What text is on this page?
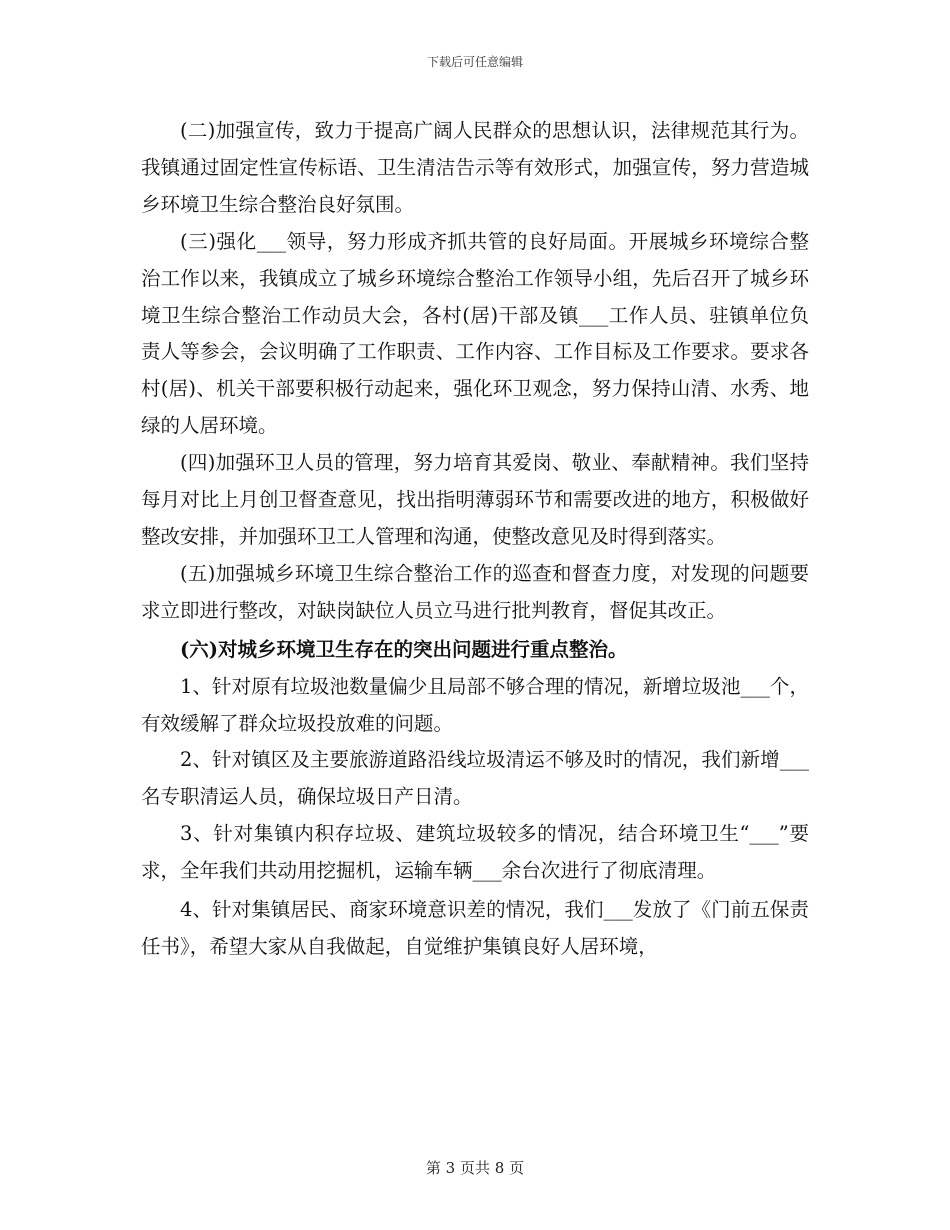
下载后可任意编辑

(二)加强宣传，致力于提高广阔人民群众的思想认识，法律规范其行为。我镇通过固定性宣传标语、卫生清洁告示等有效形式，加强宣传，努力营造城乡环境卫生综合整治良好氛围。

(三)强化___领导，努力形成齐抓共管的良好局面。开展城乡环境综合整治工作以来，我镇成立了城乡环境综合整治工作领导小组，先后召开了城乡环境卫生综合整治工作动员大会，各村(居)干部及镇___工作人员、驻镇单位负责人等参会，会议明确了工作职责、工作内容、工作目标及工作要求。要求各村(居)、机关干部要积极行动起来，强化环卫观念，努力保持山清、水秀、地绿的人居环境。

(四)加强环卫人员的管理，努力培育其爱岗、敬业、奉献精神。我们坚持每月对比上月创卫督查意见，找出指明薄弱环节和需要改进的地方，积极做好整改安排，并加强环卫工人管理和沟通，使整改意见及时得到落实。

(五)加强城乡环境卫生综合整治工作的巡查和督查力度，对发现的问题要求立即进行整改，对缺岗缺位人员立马进行批判教育，督促其改正。

(六)对城乡环境卫生存在的突出问题进行重点整治。

1、针对原有垃圾池数量偏少且局部不够合理的情况，新增垃圾池___个，有效缓解了群众垃圾投放难的问题。

2、针对镇区及主要旅游道路沿线垃圾清运不够及时的情况，我们新增___名专职清运人员，确保垃圾日产日清。

3、针对集镇内积存垃圾、建筑垃圾较多的情况，结合环境卫生“___”要求，全年我们共动用挖掘机，运输车辆___余台次进行了彻底清理。

4、针对集镇居民、商家环境意识差的情况，我们___发放了《门前五保责任书》，希望大家从自我做起，自觉维护集镇良好人居环境，

第 3 页共 8 页
